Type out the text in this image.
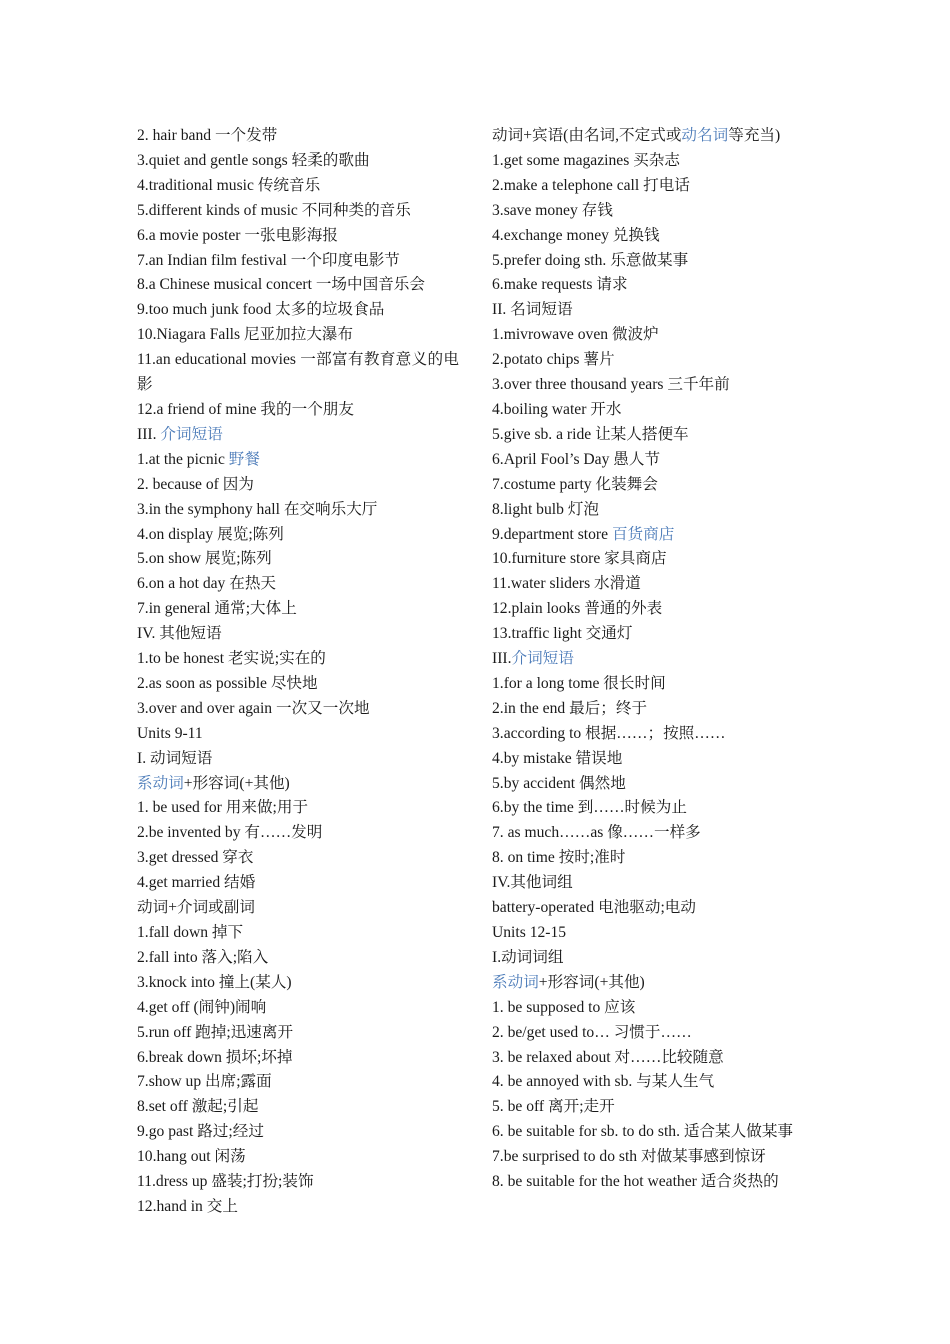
2. hair band 一个发带
3.quiet and gentle songs 轻柔的歌曲
4.traditional music 传统音乐
5.different kinds of music 不同种类的音乐
6.a movie poster 一张电影海报
7.an Indian film festival 一个印度电影节
8.a Chinese musical concert 一场中国音乐会
9.too much junk food 太多的垃圾食品
10.Niagara Falls 尼亚加拉大瀑布
11.an educational movies 一部富有教育意义的电影
12.a friend of mine 我的一个朋友
III. 介词短语
1.at the picnic 野餐
2. because of 因为
3.in the symphony hall 在交响乐大厅
4.on display 展览;陈列
5.on show 展览;陈列
6.on a hot day 在热天
7.in general 通常;大体上
IV. 其他短语
1.to be honest 老实说;实在的
2.as soon as possible 尽快地
3.over and over again 一次又一次地
Units 9-11
I. 动词短语
系动词+形容词(+其他)
1. be used for 用来做;用于
2.be invented by 有……发明
3.get dressed 穿衣
4.get married 结婚
动词+介词或副词
1.fall down 掉下
2.fall into 落入;陷入
3.knock into 撞上(某人)
4.get off (闹钟)闹响
5.run off 跑掉;迅速离开
6.break down 损坏;坏掉
7.show up 出席;露面
8.set off 激起;引起
9.go past 路过;经过
10.hang out 闲荡
11.dress up 盛装;打扮;装饰
12.hand in 交上
动词+宾语(由名词,不定式或动名词等充当)
1.get some magazines 买杂志
2.make a telephone call 打电话
3.save money 存钱
4.exchange money 兑换钱
5.prefer doing sth. 乐意做某事
6.make requests 请求
II. 名词短语
1.mivrowave oven 微波炉
2.potato chips 薯片
3.over three thousand years 三千年前
4.boiling water 开水
5.give sb. a ride 让某人搭便车
6.April Fool’s Day 愚人节
7.costume party 化装舞会
8.light bulb 灯泡
9.department store 百货商店
10.furniture store 家具商店
11.water sliders 水滑道
12.plain looks 普通的外表
13.traffic light 交通灯
III.介词短语
1.for a long tome 很长时间
2.in the end 最后；终于
3.according to 根据……；按照……
4.by mistake 错误地
5.by accident 偶然地
6.by the time 到……时候为止
7. as much……as 像……一样多
8. on time 按时;准时
IV.其他词组
battery-operated 电池驱动;电动
Units 12-15
I.动词词组
系动词+形容词(+其他)
1. be supposed to 应该
2. be/get used to… 习惯于……
3. be relaxed about 对……比较随意
4. be annoyed with sb. 与某人生气
5. be off 离开;走开
6. be suitable for sb. to do sth. 适合某人做某事
7.be surprised to do sth 对做某事感到惊讶
8. be suitable for the hot weather 适合炎热的
